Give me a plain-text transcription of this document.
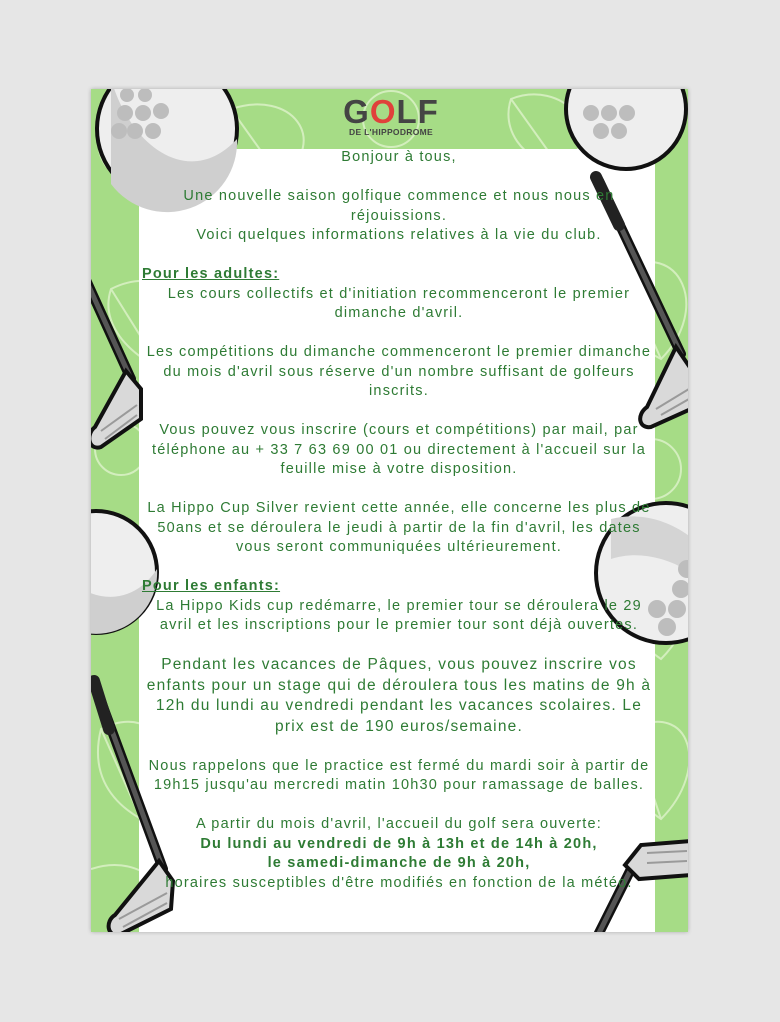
GOLF
DE L'HIPPODROME

Bonjour à tous,

Une nouvelle saison golfique commence et nous nous en réjouissions.

Voici quelques informations relatives à la vie du club.

Pour les adultes:

Les cours collectifs et d'initiation recommenceront le premier dimanche d'avril.

Les compétitions du dimanche commenceront le premier dimanche du mois d'avril sous réserve d'un nombre suffisant de golfeurs inscrits.

Vous pouvez vous inscrire (cours et compétitions) par mail, par téléphone au + 33 7 63 69 00 01 ou directement à l'accueil sur la feuille mise à votre disposition.

La Hippo Cup Silver revient cette année, elle concerne les plus de 50ans et se déroulera le jeudi à partir de la fin d'avril, les dates vous seront communiquées ultérieurement.

Pour les enfants:

La Hippo Kids cup redémarre, le premier tour se déroulera le 29 avril et les inscriptions pour le premier tour sont déjà ouvertes.

Pendant les vacances de Pâques, vous pouvez inscrire vos enfants pour un stage qui de déroulera tous les matins de 9h à 12h du lundi au vendredi pendant les vacances scolaires. Le prix est de 190 euros/semaine.

Nous rappelons que le practice est fermé du mardi soir à partir de 19h15 jusqu'au mercredi matin 10h30 pour ramassage de balles.

A partir du mois d'avril, l'accueil du golf sera ouverte:

Du lundi au vendredi de 9h à 13h et de 14h à 20h,

le samedi-dimanche de 9h à 20h,

horaires susceptibles d'être modifiés en fonction de la météo.
